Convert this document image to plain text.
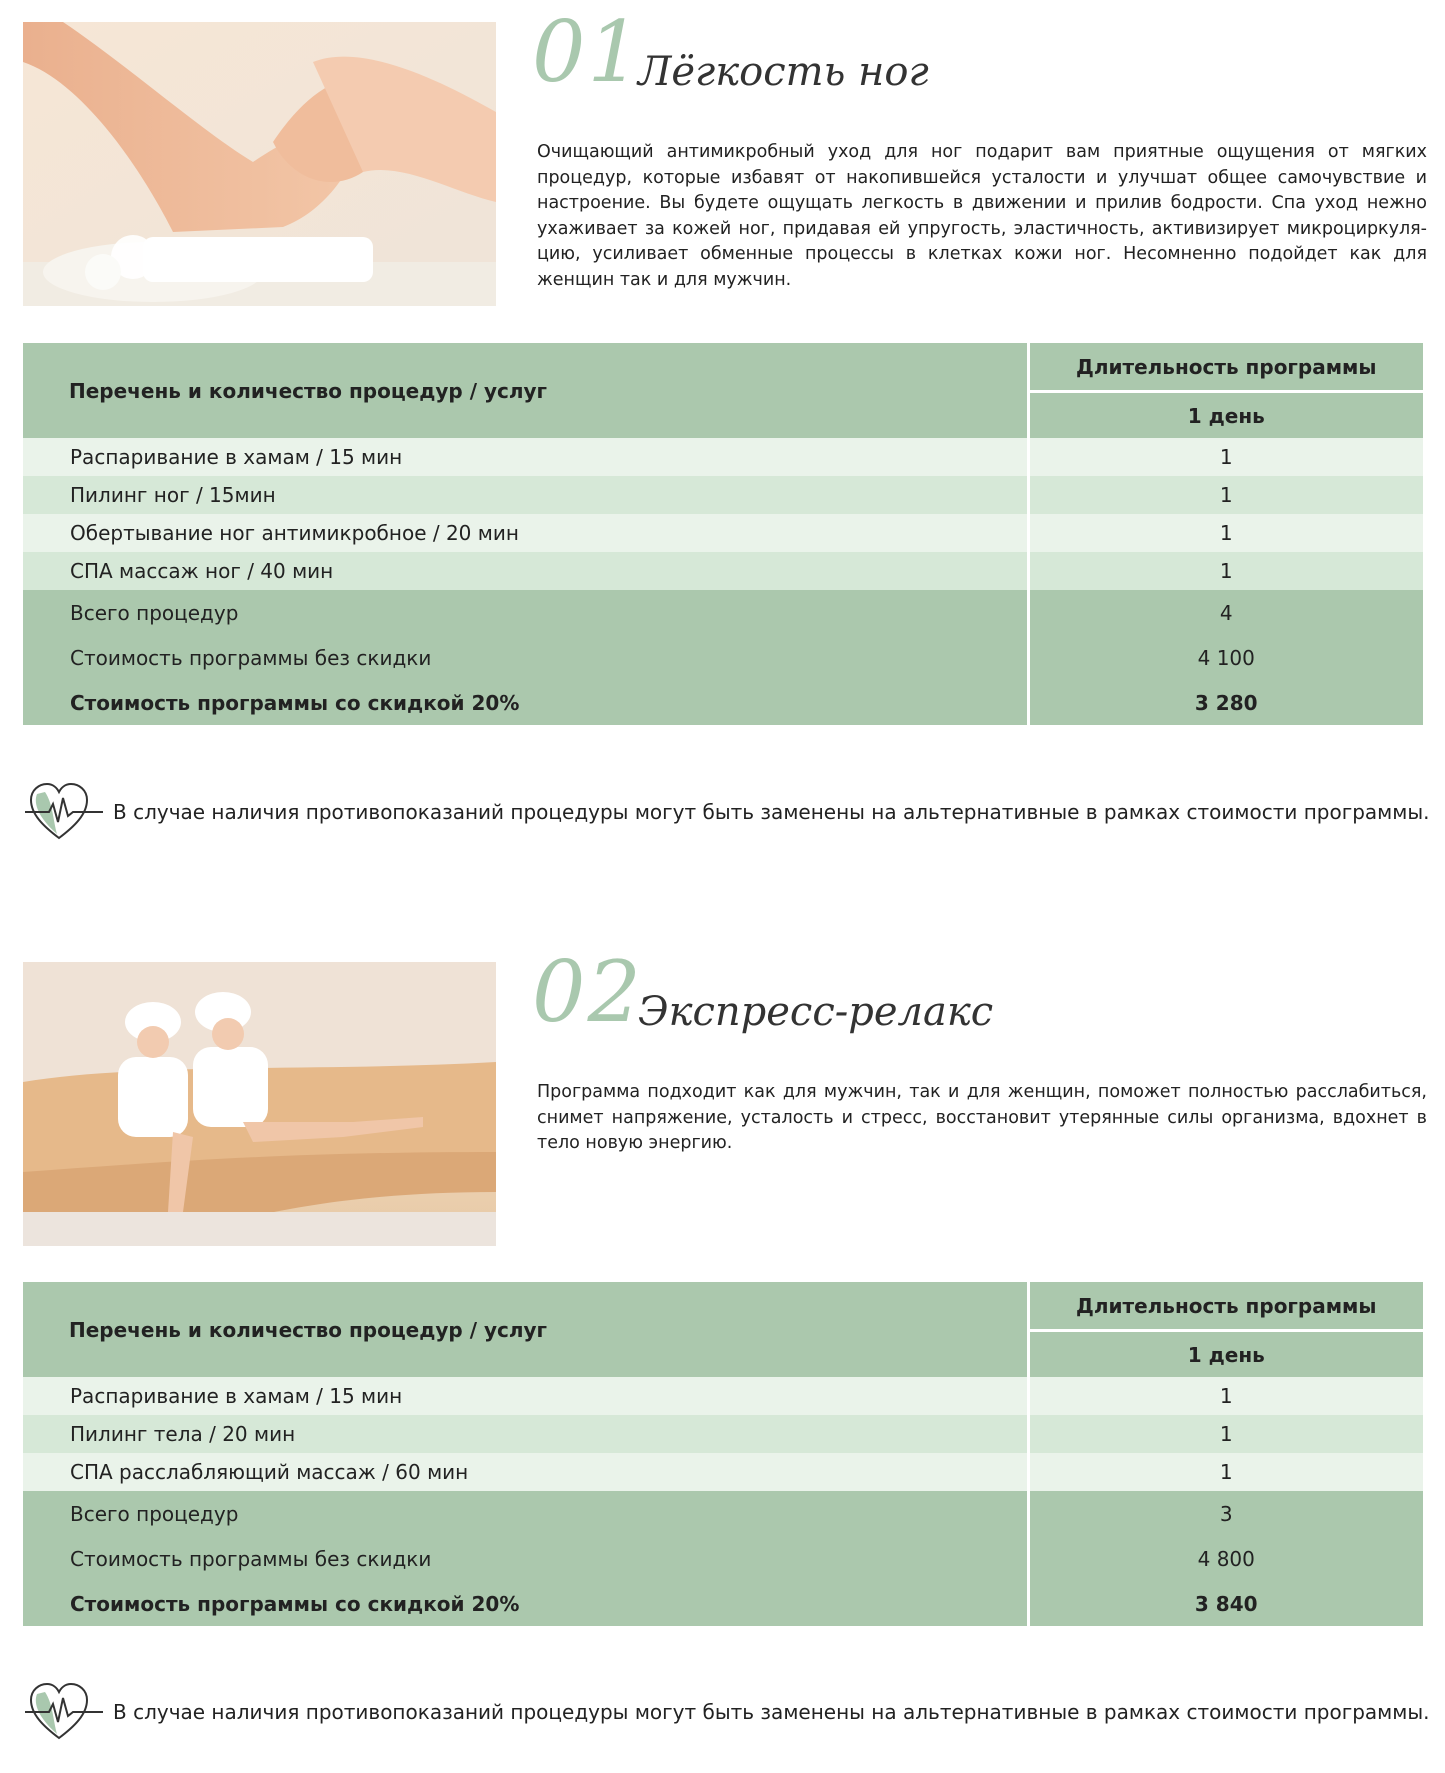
01
Лёгкость ног
Очищающий антимикробный уход для ног подарит вам приятные ощущения от мягких процедур, которые избавят от накопившейся усталости и улучшат общее самочувствие и настроение. Вы будете ощущать легкость в движении и прилив бодрости. Спа уход нежно ухаживает за кожей ног, придавая ей упругость, эластичность, активизирует микроциркуля-цию, усиливает обменные процессы в клетках кожи ног. Несомненно подойдет как для женщин так и для мужчин.
Перечень и количество процедур / услуг	Длительность программы
	1 день
Распаривание в хамам / 15 мин	1
Пилинг ног / 15мин	1
Обертывание ног антимикробное / 20 мин	1
СПА массаж ног / 40 мин	1
Всего процедур	4
Стоимость программы без скидки	4 100
Стоимость программы со скидкой 20%	3 280
В случае наличия противопоказаний процедуры могут быть заменены на альтернативные в рамках стоимости программы.
02
Экспресс-релакс
Программа подходит как для мужчин, так и для женщин, поможет полностью расслабиться, снимет напряжение, усталость и стресс, восстановит утерянные силы организма, вдохнет в тело новую энергию.
Перечень и количество процедур / услуг	Длительность программы
	1 день
Распаривание в хамам / 15 мин	1
Пилинг тела / 20 мин	1
СПА расслабляющий массаж / 60 мин	1
Всего процедур	3
Стоимость программы без скидки	4 800
Стоимость программы со скидкой 20%	3 840
В случае наличия противопоказаний процедуры могут быть заменены на альтернативные в рамках стоимости программы.
